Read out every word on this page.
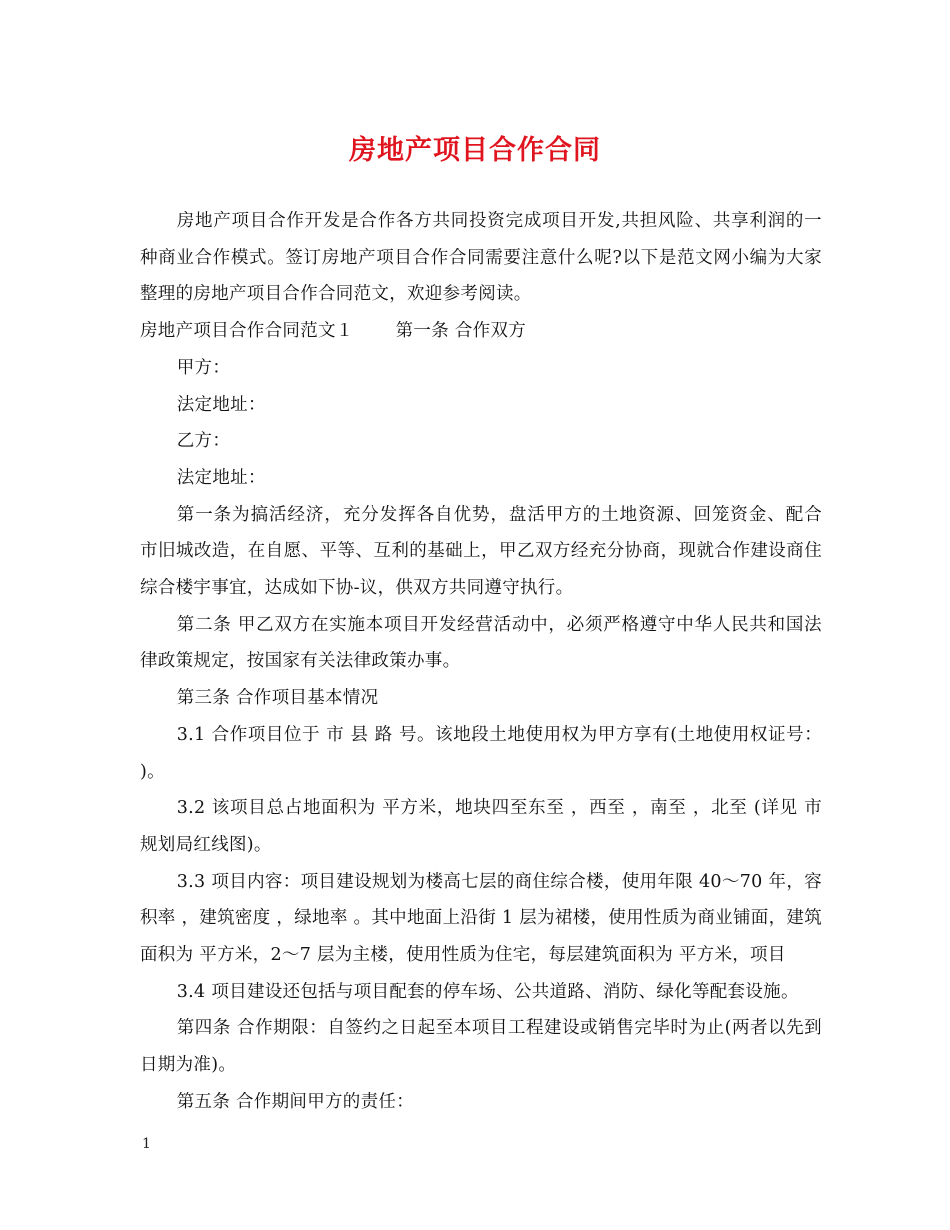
房地产项目合作合同

房地产项目合作开发是合作各方共同投资完成项目开发,共担风险、共享利润的一种商业合作模式。签订房地产项目合作合同需要注意什么呢?以下是范文网小编为大家整理的房地产项目合作合同范文，欢迎参考阅读。

房地产项目合作合同范文１ 第一条 合作双方

甲方：

法定地址：

乙方：

法定地址：

第一条为搞活经济，充分发挥各自优势，盘活甲方的土地资源、回笼资金、配合 市旧城改造，在自愿、平等、互利的基础上，甲乙双方经充分协商，现就合作建设商住综合楼宇事宜，达成如下协-议，供双方共同遵守执行。

第二条 甲乙双方在实施本项目开发经营活动中，必须严格遵守中华人民共和国法律政策规定，按国家有关法律政策办事。

第三条 合作项目基本情况

3.1 合作项目位于 市 县 路 号。该地段土地使用权为甲方享有(土地使用权证号： )。

3.2 该项目总占地面积为 平方米，地块四至东至 ，西至 ，南至 ，北至 (详见 市规划局红线图)。

3.3 项目内容：项目建设规划为楼高七层的商住综合楼，使用年限 40～70 年，容积率 ，建筑密度 ，绿地率 。其中地面上沿街 1 层为裙楼，使用性质为商业铺面，建筑面积为 平方米，2～7 层为主楼，使用性质为住宅，每层建筑面积为 平方米，项目

3.4 项目建设还包括与项目配套的停车场、公共道路、消防、绿化等配套设施。

第四条 合作期限：自签约之日起至本项目工程建设或销售完毕时为止(两者以先到日期为准)。

第五条 合作期间甲方的责任：

1
